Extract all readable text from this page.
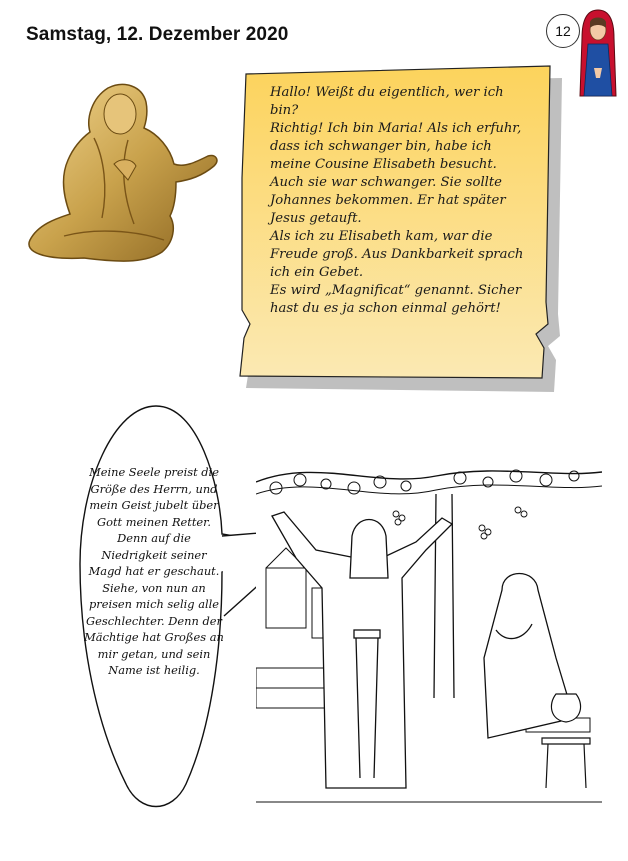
Samstag, 12. Dezember 2020	12

Hallo! Weißt du eigentlich, wer ich bin?

Richtig! Ich bin Maria! Als ich erfuhr, dass ich schwanger bin, habe ich meine Cousine Elisabeth besucht. Auch sie war schwanger. Sie sollte Johannes bekommen. Er hat später Jesus getauft.

Als ich zu Elisabeth kam, war die Freude groß. Aus Dankbarkeit sprach ich ein Gebet.

Es wird „Magnificat“ genannt. Sicher hast du es ja schon einmal gehört!

Meine Seele preist die Größe des Herrn, und mein Geist jubelt über Gott meinen Retter. Denn auf die Niedrigkeit seiner Magd hat er geschaut. Siehe, von nun an preisen mich selig alle Geschlechter. Denn der Mächtige hat Großes an mir getan, und sein Name ist heilig.
